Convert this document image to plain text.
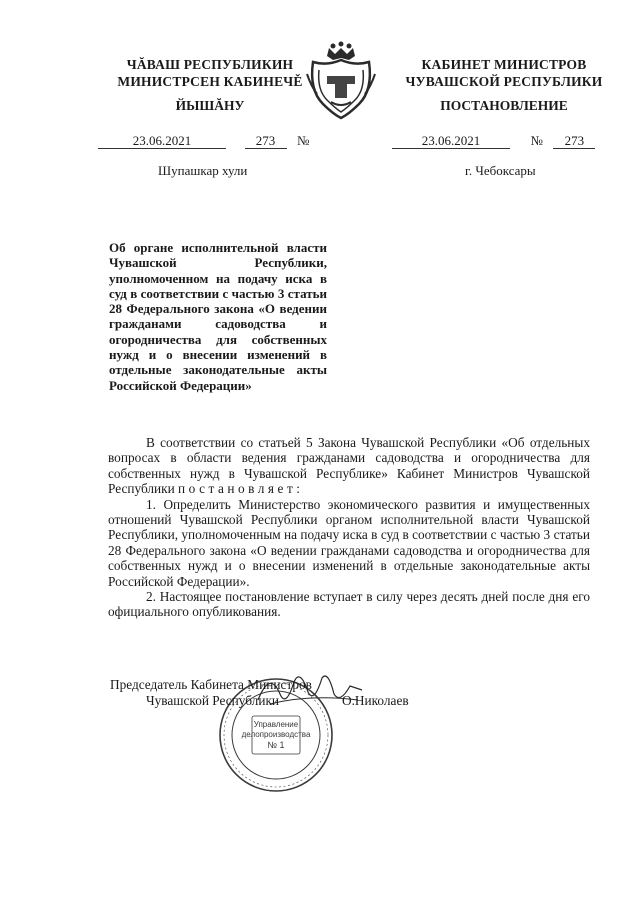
ЧĂВАШ РЕСПУБЛИКИН
МИНИСТРСЕН КАБИНЕЧĚ
ЙЫШĂНУ
КАБИНЕТ МИНИСТРОВ
ЧУВАШСКОЙ РЕСПУБЛИКИ
ПОСТАНОВЛЕНИЕ
23.06.2021	273 №	23.06.2021	№ 273
Шупашкар хули	г. Чебоксары
Об органе исполнительной власти Чувашской Республики, уполномоченном на подачу иска в суд в соответствии с частью 3 статьи 28 Федерального закона «О ведении гражданами садоводства и огородничества для собственных нужд и о внесении изменений в отдельные законодательные акты Российской Федерации»

В соответствии со статьей 5 Закона Чувашской Республики «Об отдельных вопросах в области ведения гражданами садоводства и огородничества для собственных нужд в Чувашской Республике» Кабинет Министров Чувашской Республики постановляет:

1. Определить Министерство экономического развития и имущественных отношений Чувашской Республики органом исполнительной власти Чувашской Республики, уполномоченным на подачу иска в суд в соответствии с частью 3 статьи 28 Федерального закона «О ведении гражданами садоводства и огородничества для собственных нужд и о внесении изменений в отдельные законодательные акты Российской Федерации».

2. Настоящее постановление вступает в силу через десять дней после дня его официального опубликования.

Управление
делопроизводства
№ 1
Председатель Кабинета Министров
Чувашской Республики	О.Николаев
